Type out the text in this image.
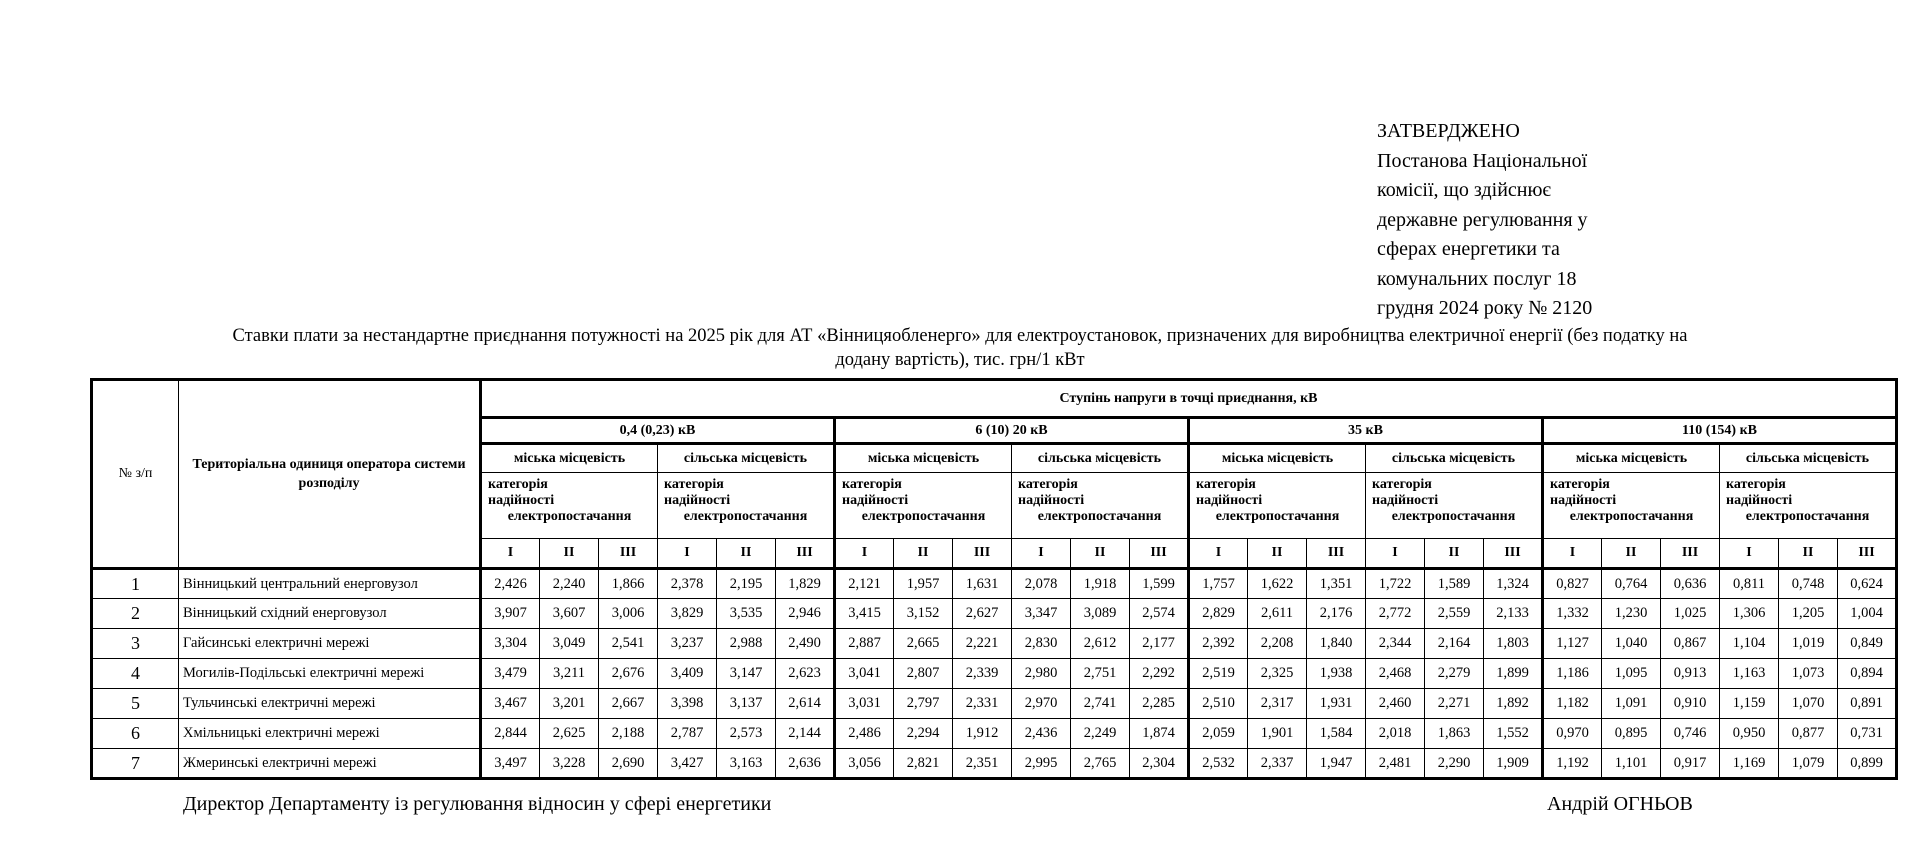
ЗАТВЕРДЖЕНО
Постанова Національної
комісії, що здійснює
державне регулювання у
сферах енергетики та
комунальних послуг 18
грудня 2024 року № 2120
Ставки плати за нестандартне приєднання потужності на 2025 рік для АТ «Вінницяобленерго» для електроустановок, призначених для виробництва електричної енергії (без податку на
додану вартість), тис. грн/1 кВт
№ з/п	Територіальна одиниця оператора системи розподілу	Ступінь напруги в точці приєднання, кВ																							
		0,4 (0,23) кВ						6 (10) 20 кВ						35 кВ						110 (154) кВ					
		міська місцевість			сільська місцевість			міська місцевість			сільська місцевість			міська місцевість			сільська місцевість			міська місцевість			сільська місцевість		
		категорія
надійності
електропостачання			категорія
надійності
електропостачання			категорія
надійності
електропостачання			категорія
надійності
електропостачання			категорія
надійності
електропостачання			категорія
надійності
електропостачання			категорія
надійності
електропостачання			категорія
надійності
електропостачання		

		I	II	III	I	II	III	I	II	III	I	II	III	I	II	III	I	II	III	I	II	III	I	II	III
1	Вінницький центральний енерговузол	2,426	2,240	1,866	2,378	2,195	1,829	2,121	1,957	1,631	2,078	1,918	1,599	1,757	1,622	1,351	1,722	1,589	1,324	0,827	0,764	0,636	0,811	0,748	0,624
2	Вінницький східний енерговузол	3,907	3,607	3,006	3,829	3,535	2,946	3,415	3,152	2,627	3,347	3,089	2,574	2,829	2,611	2,176	2,772	2,559	2,133	1,332	1,230	1,025	1,306	1,205	1,004
3	Гайсинські електричні мережі	3,304	3,049	2,541	3,237	2,988	2,490	2,887	2,665	2,221	2,830	2,612	2,177	2,392	2,208	1,840	2,344	2,164	1,803	1,127	1,040	0,867	1,104	1,019	0,849
4	Могилів-Подільські електричні мережі	3,479	3,211	2,676	3,409	3,147	2,623	3,041	2,807	2,339	2,980	2,751	2,292	2,519	2,325	1,938	2,468	2,279	1,899	1,186	1,095	0,913	1,163	1,073	0,894
5	Тульчинські електричні мережі	3,467	3,201	2,667	3,398	3,137	2,614	3,031	2,797	2,331	2,970	2,741	2,285	2,510	2,317	1,931	2,460	2,271	1,892	1,182	1,091	0,910	1,159	1,070	0,891
6	Хмільницькі електричні мережі	2,844	2,625	2,188	2,787	2,573	2,144	2,486	2,294	1,912	2,436	2,249	1,874	2,059	1,901	1,584	2,018	1,863	1,552	0,970	0,895	0,746	0,950	0,877	0,731
7	Жмеринські електричні мережі	3,497	3,228	2,690	3,427	3,163	2,636	3,056	2,821	2,351	2,995	2,765	2,304	2,532	2,337	1,947	2,481	2,290	1,909	1,192	1,101	0,917	1,169	1,079	0,899
Директор Департаменту із регулювання відносин у сфері енергетики	Андрій ОГНЬОВ
